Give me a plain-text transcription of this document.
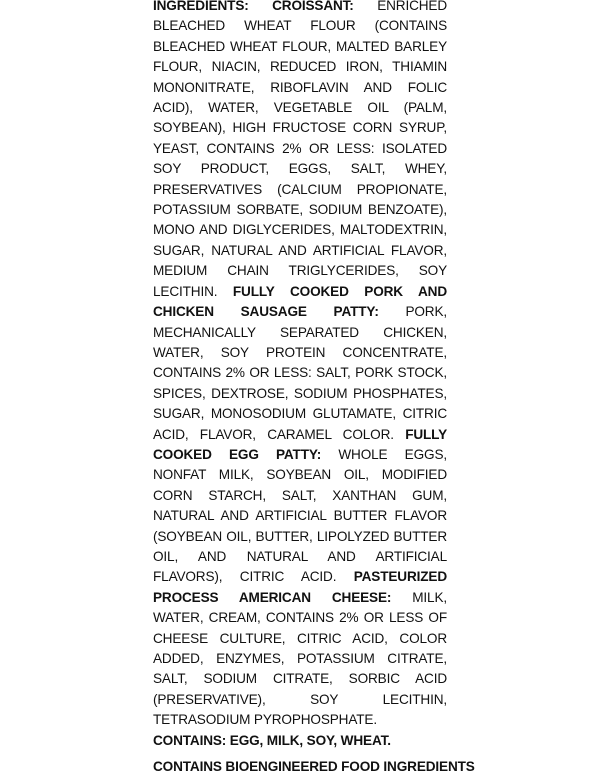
INGREDIENTS: CROISSANT: ENRICHED BLEACHED WHEAT FLOUR (CONTAINS BLEACHED WHEAT FLOUR, MALTED BARLEY FLOUR, NIACIN, REDUCED IRON, THIAMIN MONONITRATE, RIBOFLAVIN AND FOLIC ACID), WATER, VEGETABLE OIL (PALM, SOYBEAN), HIGH FRUCTOSE CORN SYRUP, YEAST, CONTAINS 2% OR LESS: ISOLATED SOY PRODUCT, EGGS, SALT, WHEY, PRESERVATIVES (CALCIUM PROPIONATE, POTASSIUM SORBATE, SODIUM BENZOATE), MONO AND DIGLYCERIDES, MALTODEXTRIN, SUGAR, NATURAL AND ARTIFICIAL FLAVOR, MEDIUM CHAIN TRIGLYCERIDES, SOY LECITHIN. FULLY COOKED PORK AND CHICKEN SAUSAGE PATTY: PORK, MECHANICALLY SEPARATED CHICKEN, WATER, SOY PROTEIN CONCENTRATE, CONTAINS 2% OR LESS: SALT, PORK STOCK, SPICES, DEXTROSE, SODIUM PHOSPHATES, SUGAR, MONOSODIUM GLUTAMATE, CITRIC ACID, FLAVOR, CARAMEL COLOR. FULLY COOKED EGG PATTY: WHOLE EGGS, NONFAT MILK, SOYBEAN OIL, MODIFIED CORN STARCH, SALT, XANTHAN GUM, NATURAL AND ARTIFICIAL BUTTER FLAVOR (SOYBEAN OIL, BUTTER, LIPOLYZED BUTTER OIL, AND NATURAL AND ARTIFICIAL FLAVORS), CITRIC ACID. PASTEURIZED PROCESS AMERICAN CHEESE: MILK, WATER, CREAM, CONTAINS 2% OR LESS OF CHEESE CULTURE, CITRIC ACID, COLOR ADDED, ENZYMES, POTASSIUM CITRATE, SALT, SODIUM CITRATE, SORBIC ACID (PRESERVATIVE), SOY LECITHIN, TETRASODIUM PYROPHOSPHATE.

CONTAINS: EGG, MILK, SOY, WHEAT.

CONTAINS BIOENGINEERED FOOD INGREDIENTS
